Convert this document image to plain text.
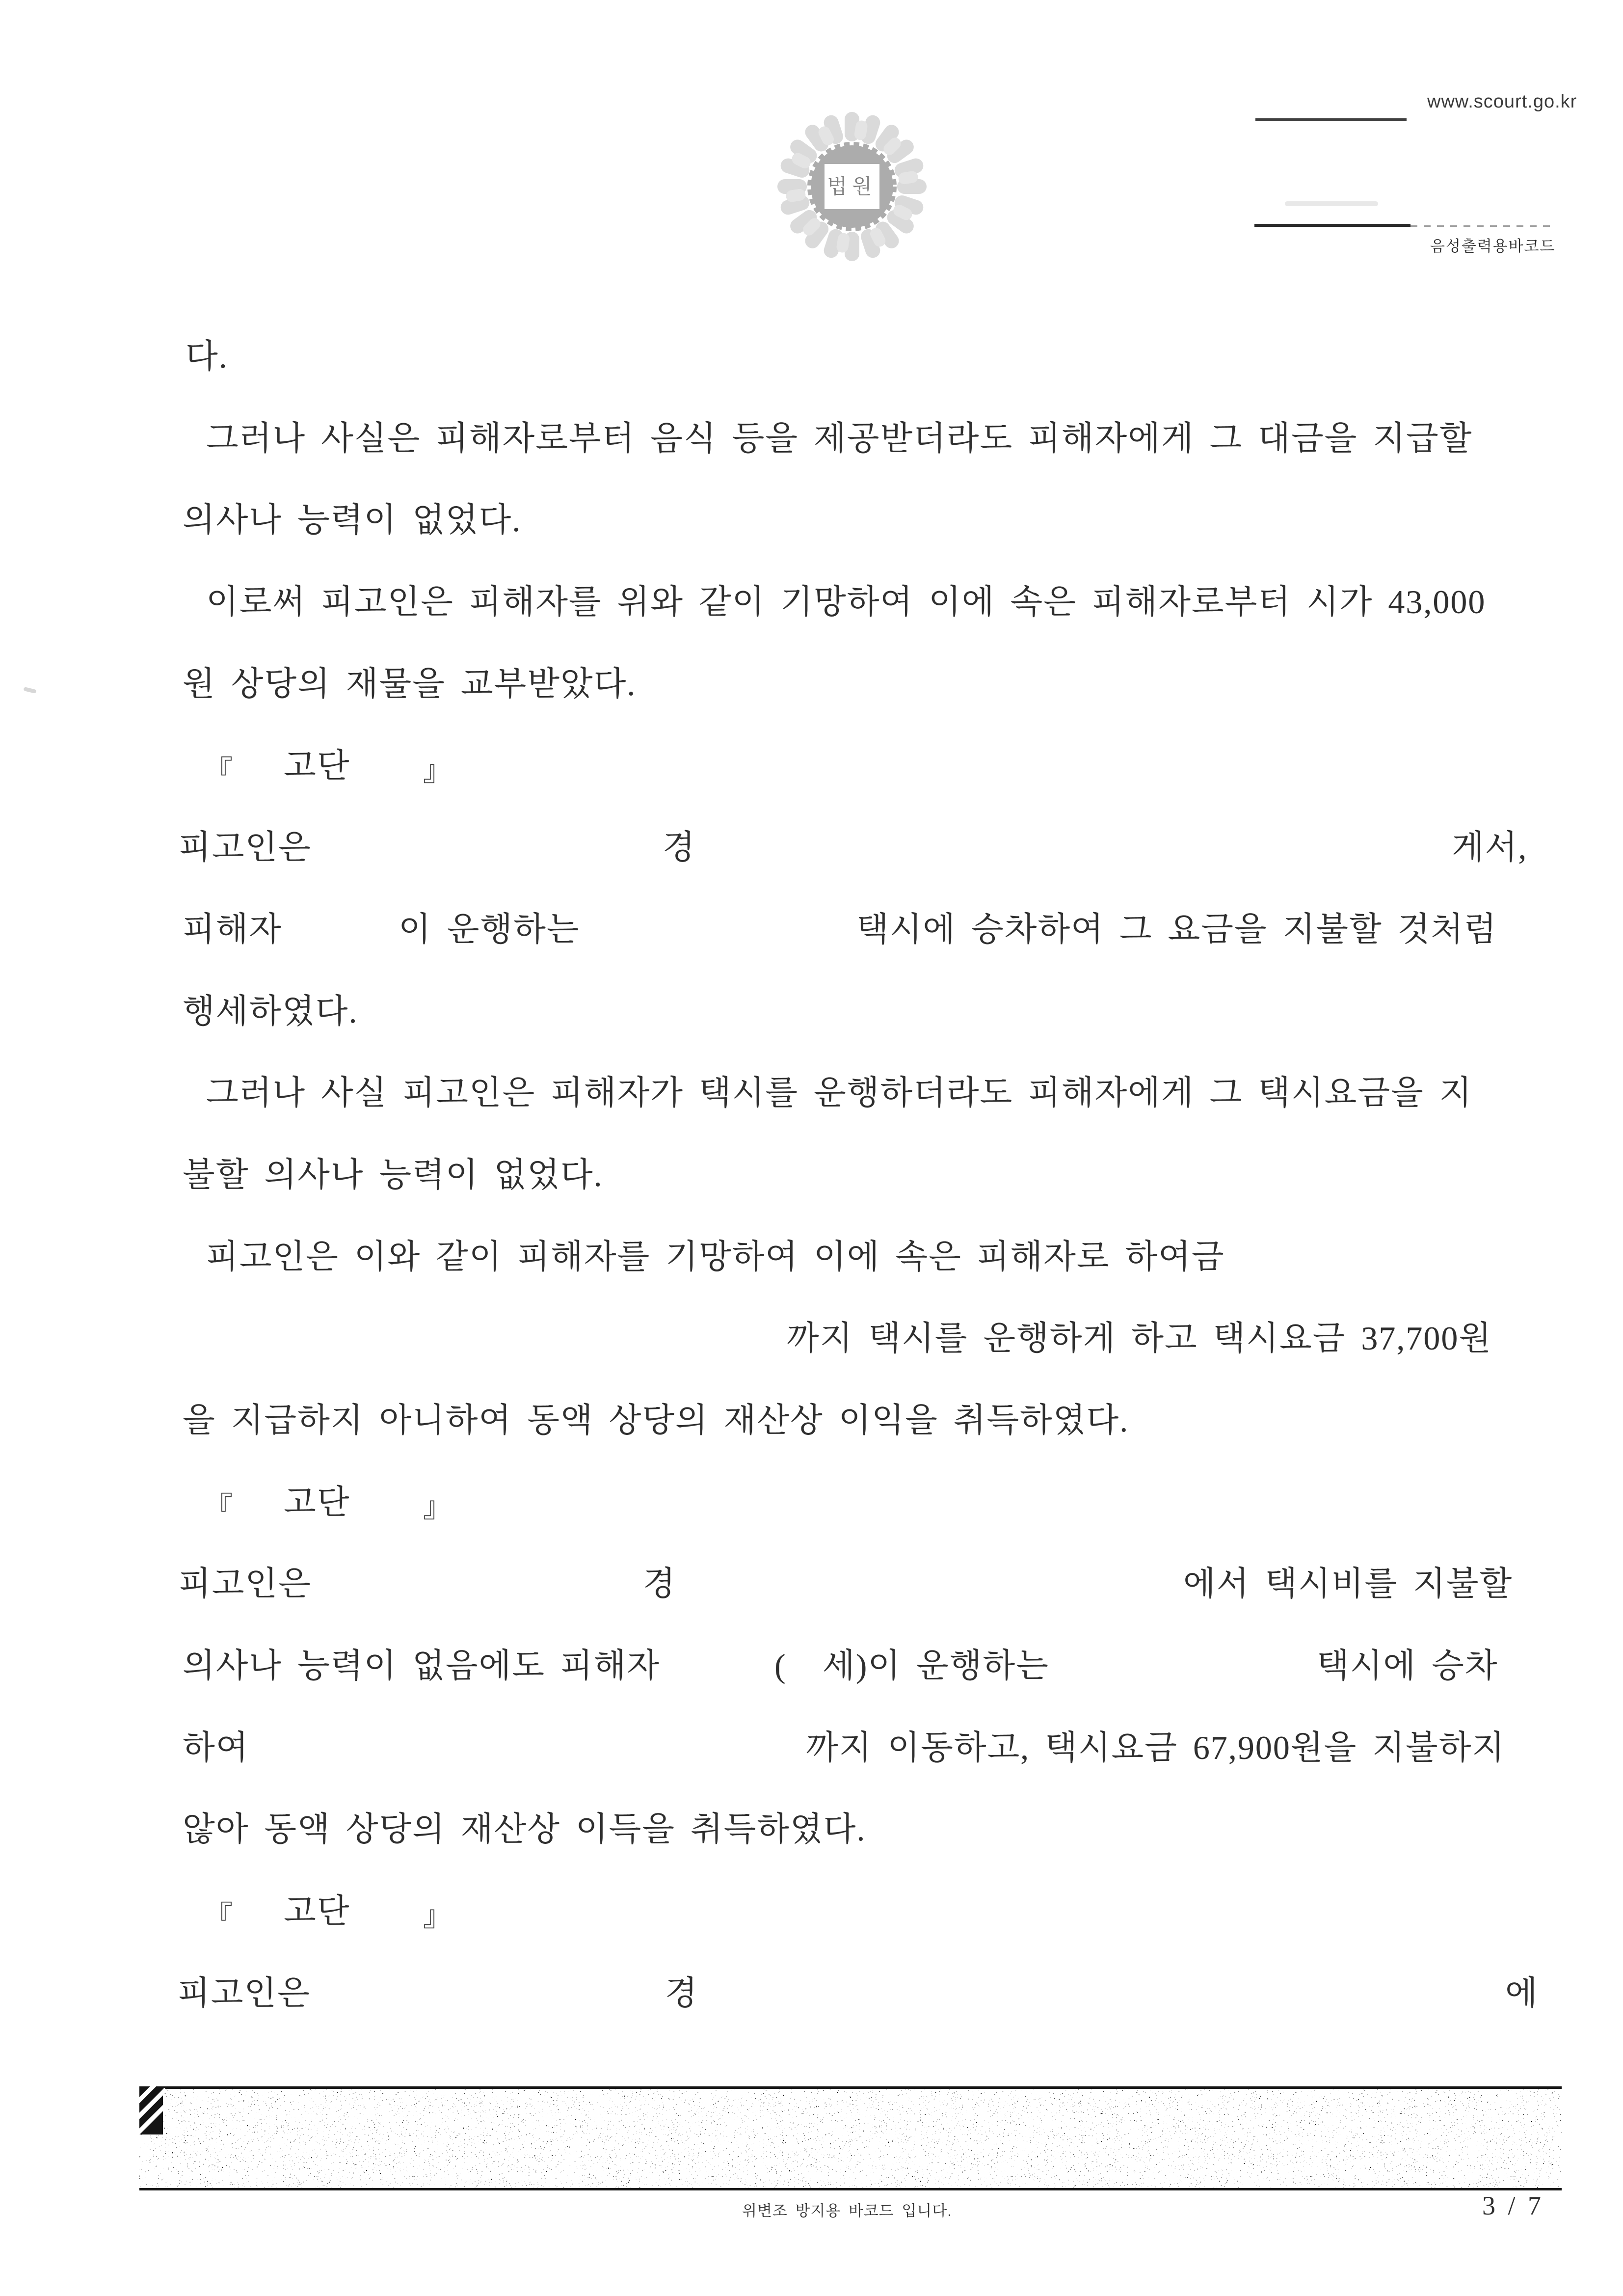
법원
www.scourt.go.kr
음성출력용바코드
다.
그러나 사실은 피해자로부터 음식 등을 제공받더라도 피해자에게 그 대금을 지급할
의사나 능력이 없었다.
이로써 피고인은 피해자를 위와 같이 기망하여 이에 속은 피해자로부터 시가 43,000
원 상당의 재물을 교부받았다.
『 고단	』
피고인은	경	게서,
피해자	이 운행하는	택시에 승차하여 그 요금을 지불할 것처럼
행세하였다.
그러나 사실 피고인은 피해자가 택시를 운행하더라도 피해자에게 그 택시요금을 지
불할 의사나 능력이 없었다.
피고인은 이와 같이 피해자를 기망하여 이에 속은 피해자로 하여금
까지 택시를 운행하게 하고 택시요금 37,700원
을 지급하지 아니하여 동액 상당의 재산상 이익을 취득하였다.
『 고단	』
피고인은	경	에서 택시비를 지불할
의사나 능력이 없음에도 피해자	( 세)이 운행하는	택시에 승차
하여	까지 이동하고, 택시요금 67,900원을 지불하지
않아 동액 상당의 재산상 이득을 취득하였다.
『 고단	』
피고인은	경	에
위변조 방지용 바코드 입니다.	3 / 7
